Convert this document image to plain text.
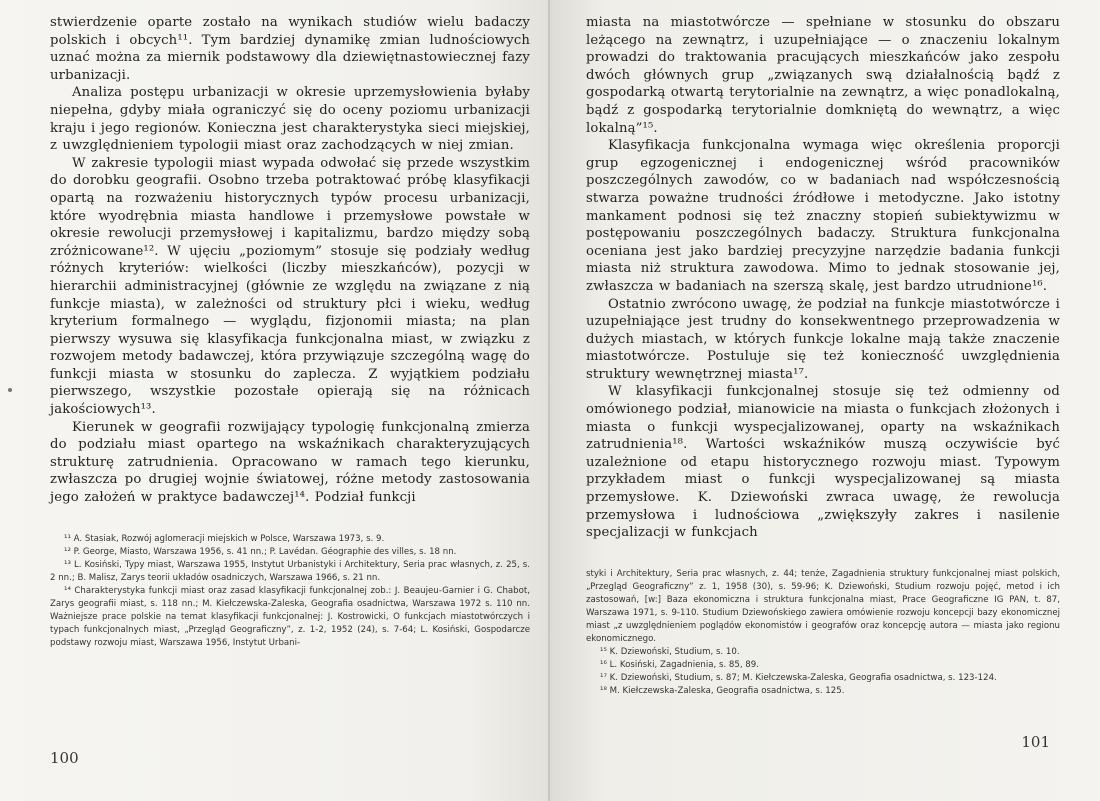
stwierdzenie oparte zostało na wynikach studiów wielu badaczy polskich i obcych¹¹. Tym bardziej dynamikę zmian ludnościowych uznać można za miernik podstawowy dla dziewiętnastowiecznej fazy urbanizacji.

Analiza postępu urbanizacji w okresie uprzemysłowienia byłaby niepełna, gdyby miała ograniczyć się do oceny poziomu urbanizacji kraju i jego regionów. Konieczna jest charakterystyka sieci miejskiej, z uwzględnieniem typologii miast oraz zachodzących w niej zmian.

W zakresie typologii miast wypada odwołać się przede wszystkim do dorobku geografii. Osobno trzeba potraktować próbę klasyfikacji opartą na rozważeniu historycznych typów procesu urbanizacji, które wyodrębnia miasta handlowe i przemysłowe powstałe w okresie rewolucji przemysłowej i kapitalizmu, bardzo między sobą zróżnicowane¹². W ujęciu „poziomym” stosuje się podziały według różnych kryteriów: wielkości (liczby mieszkańców), pozycji w hierarchii administracyjnej (głównie ze względu na związane z nią funkcje miasta), w zależności od struktury płci i wieku, według kryterium formalnego — wyglądu, fizjonomii miasta; na plan pierwszy wysuwa się klasyfikacja funkcjonalna miast, w związku z rozwojem metody badawczej, która przywiązuje szczególną wagę do funkcji miasta w stosunku do zaplecza. Z wyjątkiem podziału pierwszego, wszystkie pozostałe opierają się na różnicach jakościowych¹³.

Kierunek w geografii rozwijający typologię funkcjonalną zmierza do podziału miast opartego na wskaźnikach charakteryzujących strukturę zatrudnienia. Opracowano w ramach tego kierunku, zwłaszcza po drugiej wojnie światowej, różne metody zastosowania jego założeń w praktyce badawczej¹⁴. Podział funkcji

¹¹ A. Stasiak, Rozwój aglomeracji miejskich w Polsce, Warszawa 1973, s. 9.

¹² P. George, Miasto, Warszawa 1956, s. 41 nn.; P. Lavédan. Géographie des villes, s. 18 nn.

¹³ L. Kosiński, Typy miast, Warszawa 1955, Instytut Urbanistyki i Architektury, Seria prac własnych, z. 25, s. 2 nn.; B. Malisz, Zarys teorii układów osadniczych, Warszawa 1966, s. 21 nn.

¹⁴ Charakterystyka funkcji miast oraz zasad klasyfikacji funkcjonalnej zob.: J. Beaujeu-Garnier i G. Chabot, Zarys geografii miast, s. 118 nn.; M. Kiełczewska-Zaleska, Geografia osadnictwa, Warszawa 1972 s. 110 nn. Ważniejsze prace polskie na temat klasyfikacji funkcjonalnej: J. Kostrowicki, O funkcjach miastotwórczych i typach funkcjonalnych miast, „Przegląd Geograficzny”, z. 1-2, 1952 (24), s. 7-64; L. Kosiński, Gospodarcze podstawy rozwoju miast, Warszawa 1956, Instytut Urbani-

100

miasta na miastotwórcze — spełniane w stosunku do obszaru leżącego na zewnątrz, i uzupełniające — o znaczeniu lokalnym prowadzi do traktowania pracujących mieszkańców jako zespołu dwóch głównych grup „związanych swą działalnością bądź z gospodarką otwartą terytorialnie na zewnątrz, a więc ponadlokalną, bądź z gospodarką terytorialnie domkniętą do wewnątrz, a więc lokalną”¹⁵.

Klasyfikacja funkcjonalna wymaga więc określenia proporcji grup egzogenicznej i endogenicznej wśród pracowników poszczególnych zawodów, co w badaniach nad współczesnością stwarza poważne trudności źródłowe i metodyczne. Jako istotny mankament podnosi się też znaczny stopień subiektywizmu w postępowaniu poszczególnych badaczy. Struktura funkcjonalna oceniana jest jako bardziej precyzyjne narzędzie badania funkcji miasta niż struktura zawodowa. Mimo to jednak stosowanie jej, zwłaszcza w badaniach na szerszą skalę, jest bardzo utrudnione¹⁶.

Ostatnio zwrócono uwagę, że podział na funkcje miastotwórcze i uzupełniające jest trudny do konsekwentnego przeprowadzenia w dużych miastach, w których funkcje lokalne mają także znaczenie miastotwórcze. Postuluje się też konieczność uwzględnienia struktury wewnętrznej miasta¹⁷.

W klasyfikacji funkcjonalnej stosuje się też odmienny od omówionego podział, mianowicie na miasta o funkcjach złożonych i miasta o funkcji wyspecjalizowanej, oparty na wskaźnikach zatrudnienia¹⁸. Wartości wskaźników muszą oczywiście być uzależnione od etapu historycznego rozwoju miast. Typowym przykładem miast o funkcji wyspecjalizowanej są miasta przemysłowe. K. Dziewoński zwraca uwagę, że rewolucja przemysłowa i ludnościowa „zwiększyły zakres i nasilenie specjalizacji w funkcjach

styki i Architektury, Seria prac własnych, z. 44; tenże, Zagadnienia struktury funkcjonalnej miast polskich, „Przegląd Geograficzny” z. 1, 1958 (30), s. 59-96; K. Dziewoński, Studium rozwoju pojęć, metod i ich zastosowań, [w:] Baza ekonomiczna i struktura funkcjonalna miast, Prace Geograficzne IG PAN, t. 87, Warszawa 1971, s. 9-110. Studium Dziewońskiego zawiera omówienie rozwoju koncepcji bazy ekonomicznej miast „z uwzględnieniem poglądów ekonomistów i geografów oraz koncepcję autora — miasta jako regionu ekonomicznego.

¹⁵ K. Dziewoński, Studium, s. 10.

¹⁶ L. Kosiński, Zagadnienia, s. 85, 89.

¹⁷ K. Dziewoński, Studium, s. 87; M. Kiełczewska-Zaleska, Geografia osadnictwa, s. 123-124.

¹⁸ M. Kiełczewska-Zaleska, Geografia osadnictwa, s. 125.

101
